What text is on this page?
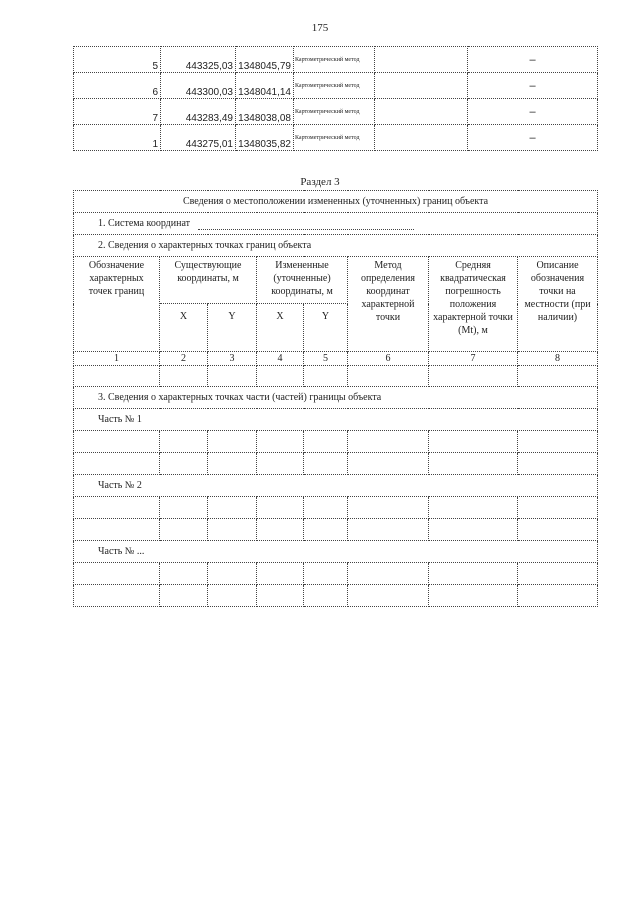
175
5	443325,03	1348045,79	Картометрический метод		–
6	443300,03	1348041,14	Картометрический метод		–
7	443283,49	1348038,08	Картометрический метод		–
1	443275,01	1348035,82	Картометрический метод		–
Раздел 3
Сведения о местоположении измененных (уточненных) границ объекта							
1. Система координат							
2. Сведения о характерных точках границ объекта							
Обозначение характерных точек границ	Существующие координаты, м		Измененные (уточненные) координаты, м		Метод определения координат характерной точки	Средняя квадратическая погрешность положения характерной точки (Мt), м	Описание обозначения точки на местности (при наличии)
	X	Y	X	Y			
1	2	3	4	5	6	7	8

3. Сведения о характерных точках части (частей) границы объекта							
Часть № 1							

Часть № 2							

Часть № ...							
